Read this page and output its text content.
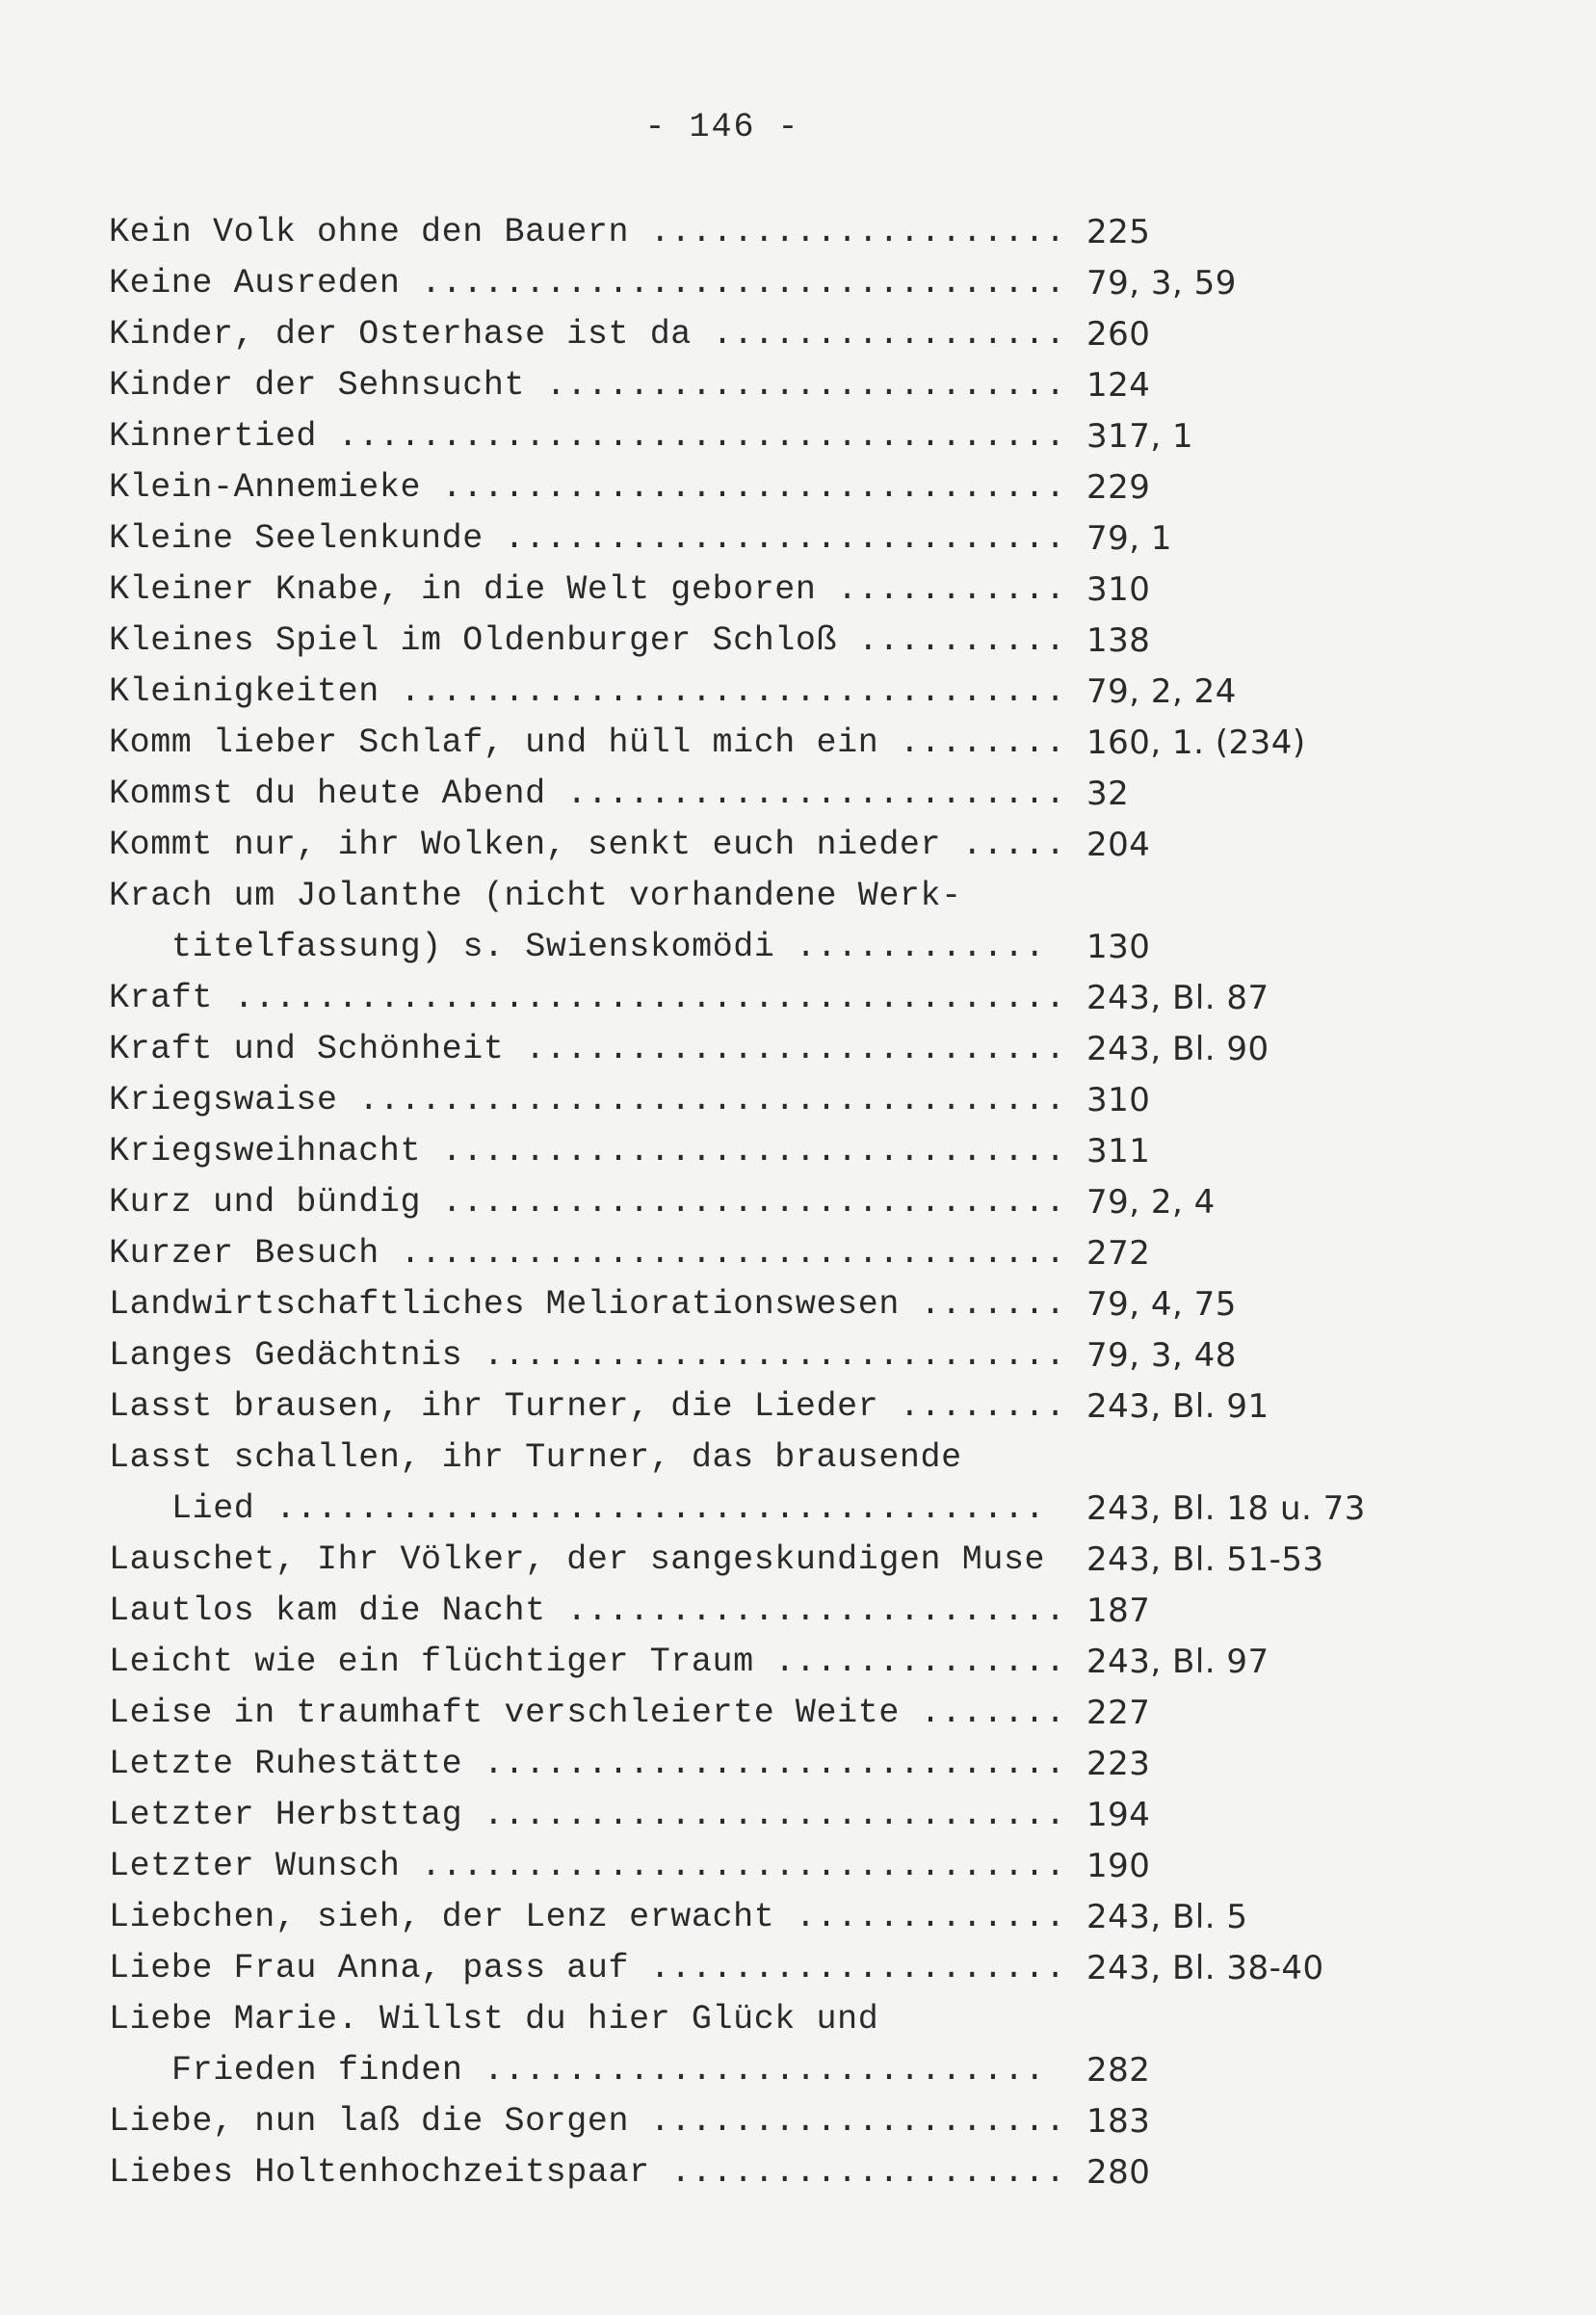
- 146 -
Kein Volk ohne den Bauern .................... 225
Keine Ausreden ............................... 79, 3, 59
Kinder, der Osterhase ist da ................. 260
Kinder der Sehnsucht ......................... 124
Kinnertied ................................... 317, 1
Klein-Annemieke .............................. 229
Kleine Seelenkunde ........................... 79, 1
Kleiner Knabe, in die Welt geboren ........... 310
Kleines Spiel im Oldenburger Schloß .......... 138
Kleinigkeiten ................................ 79, 2, 24
Komm lieber Schlaf, und hüll mich ein ........ 160, 1. (234)
Kommst du heute Abend ........................ 32
Kommt nur, ihr Wolken, senkt euch nieder ..... 204
Krach um Jolanthe (nicht vorhandene Werk-
titelfassung) s. Swienskomödi ............ 130
Kraft ........................................ 243, Bl. 87
Kraft und Schönheit .......................... 243, Bl. 90
Kriegswaise .................................. 310
Kriegsweihnacht .............................. 311
Kurz und bündig .............................. 79, 2, 4
Kurzer Besuch ................................ 272
Landwirtschaftliches Meliorationswesen ....... 79, 4, 75
Langes Gedächtnis ............................ 79, 3, 48
Lasst brausen, ihr Turner, die Lieder ........ 243, Bl. 91
Lasst schallen, ihr Turner, das brausende
Lied ..................................... 243, Bl. 18 u. 73
Lauschet, Ihr Völker, der sangeskundigen Muse 243, Bl. 51-53
Lautlos kam die Nacht ........................ 187
Leicht wie ein flüchtiger Traum .............. 243, Bl. 97
Leise in traumhaft verschleierte Weite ....... 227
Letzte Ruhestätte ............................ 223
Letzter Herbsttag ............................ 194
Letzter Wunsch ............................... 190
Liebchen, sieh, der Lenz erwacht ............. 243, Bl. 5
Liebe Frau Anna, pass auf .................... 243, Bl. 38-40
Liebe Marie. Willst du hier Glück und
Frieden finden ........................... 282
Liebe, nun laß die Sorgen .................... 183
Liebes Holtenhochzeitspaar ................... 280
